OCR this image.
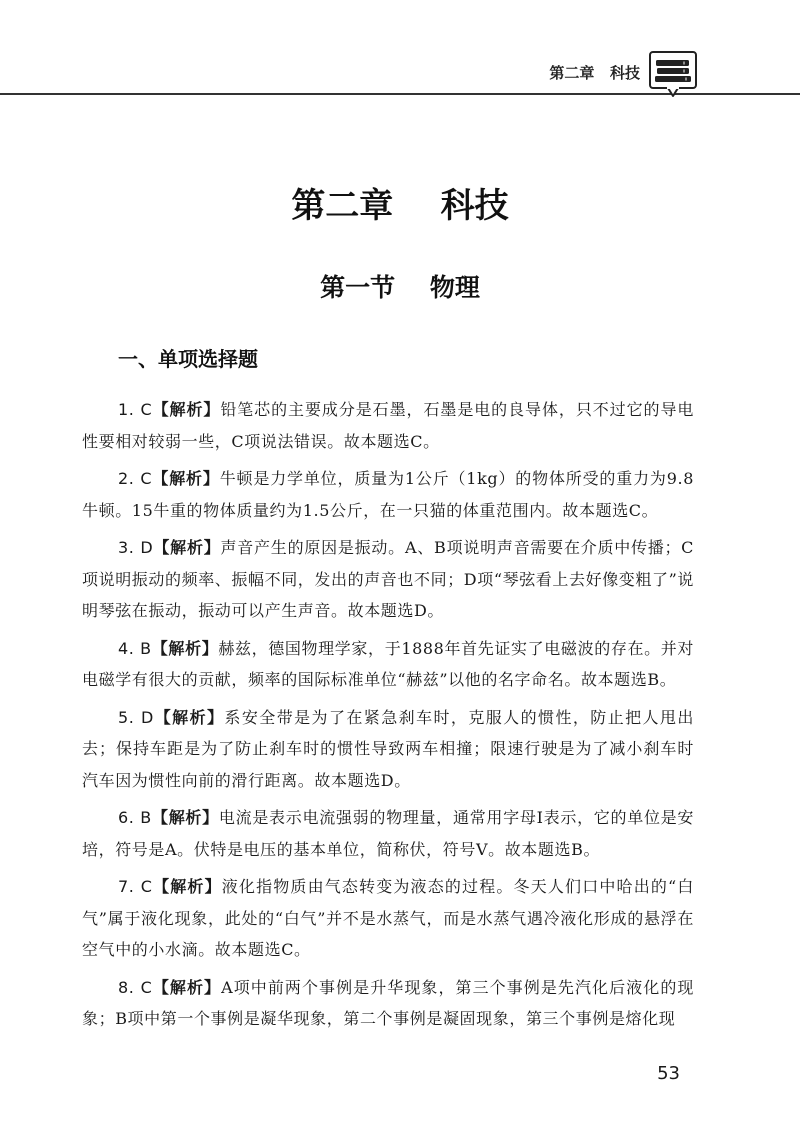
第二章   科技
第二章    科技
第一节    物理
一、单项选择题

1. C【解析】铅笔芯的主要成分是石墨，石墨是电的良导体，只不过它的导电性要相对较弱一些，C项说法错误。故本题选C。

2. C【解析】牛顿是力学单位，质量为1公斤（1kg）的物体所受的重力为9.8牛顿。15牛重的物体质量约为1.5公斤，在一只猫的体重范围内。故本题选C。

3. D【解析】声音产生的原因是振动。A、B项说明声音需要在介质中传播；C项说明振动的频率、振幅不同，发出的声音也不同；D项“琴弦看上去好像变粗了”说明琴弦在振动，振动可以产生声音。故本题选D。

4. B【解析】赫兹，德国物理学家，于1888年首先证实了电磁波的存在。并对电磁学有很大的贡献，频率的国际标准单位“赫兹”以他的名字命名。故本题选B。

5. D【解析】系安全带是为了在紧急刹车时，克服人的惯性，防止把人甩出去；保持车距是为了防止刹车时的惯性导致两车相撞；限速行驶是为了减小刹车时汽车因为惯性向前的滑行距离。故本题选D。

6. B【解析】电流是表示电流强弱的物理量，通常用字母I表示，它的单位是安培，符号是A。伏特是电压的基本单位，简称伏，符号V。故本题选B。

7. C【解析】液化指物质由气态转变为液态的过程。冬天人们口中哈出的“白气”属于液化现象，此处的“白气”并不是水蒸气，而是水蒸气遇冷液化形成的悬浮在空气中的小水滴。故本题选C。

8. C【解析】A项中前两个事例是升华现象，第三个事例是先汽化后液化的现象；B项中第一个事例是凝华现象，第二个事例是凝固现象，第三个事例是熔化现

53
